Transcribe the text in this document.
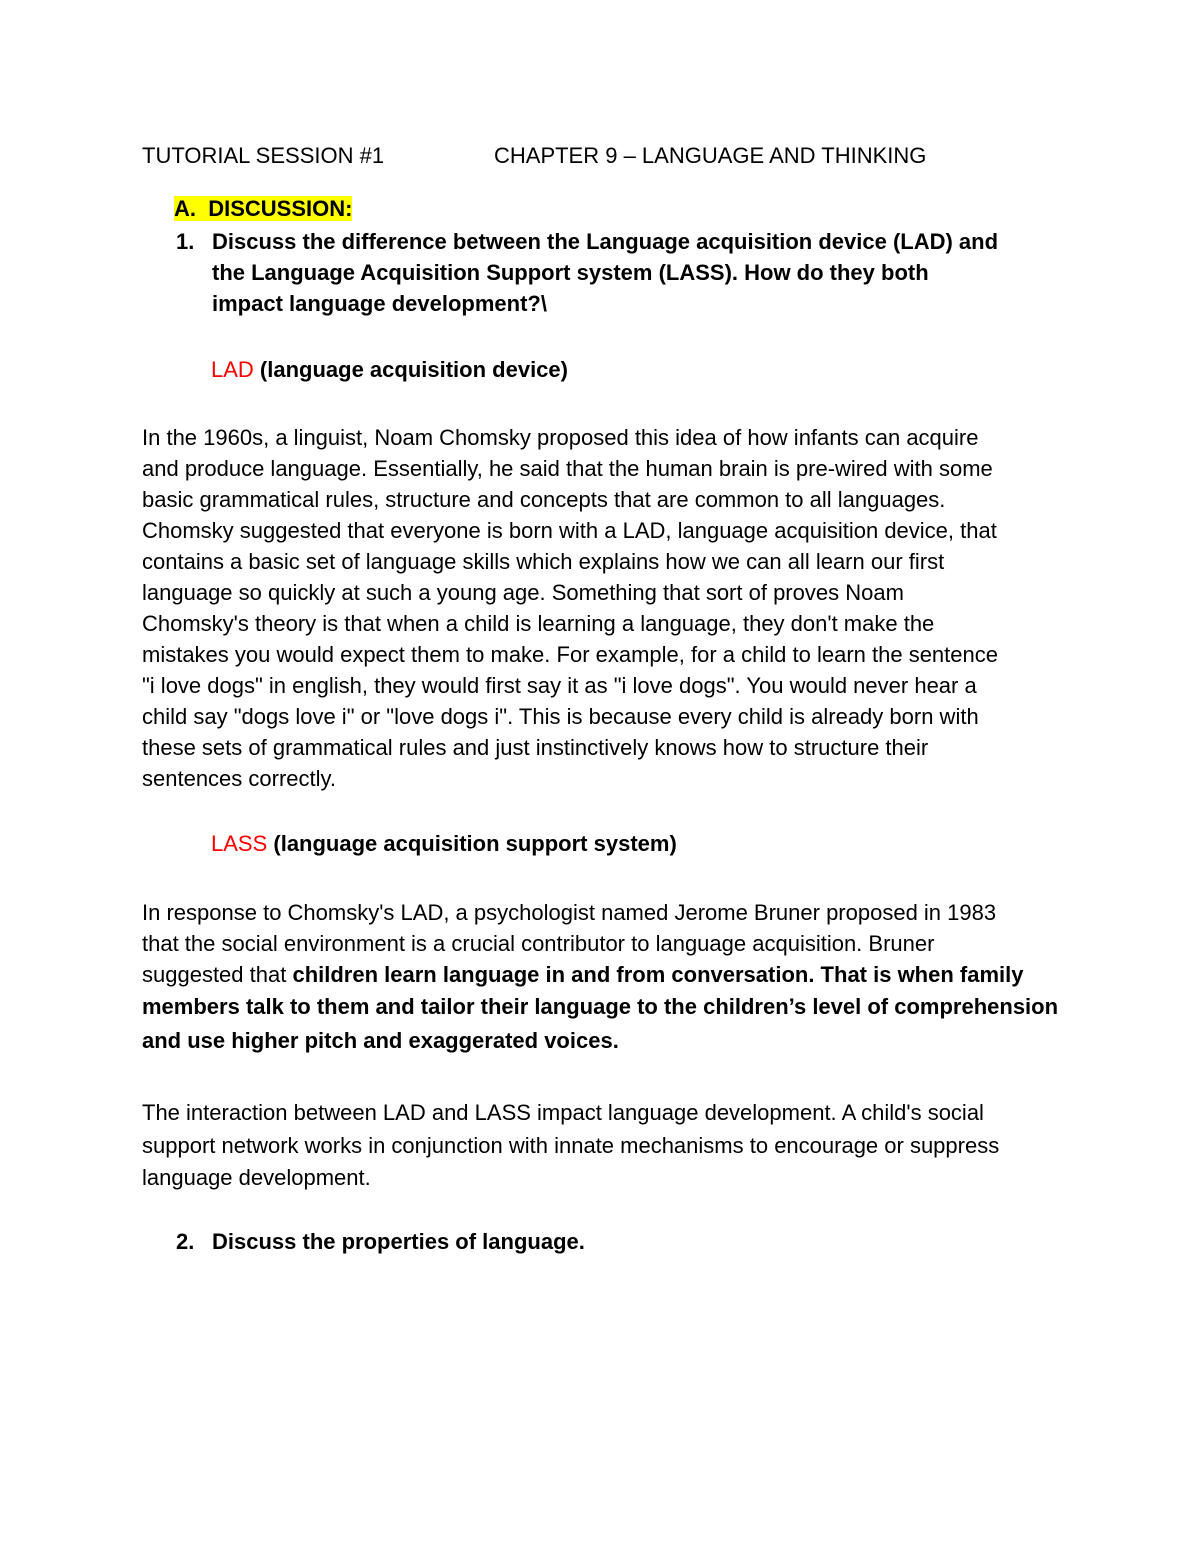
TUTORIAL SESSION #1	CHAPTER 9 – LANGUAGE AND THINKING
A. DISCUSSION:
1. Discuss the difference between the Language acquisition device (LAD) and
the Language Acquisition Support system (LASS). How do they both
impact language development?\
LAD (language acquisition device)
In the 1960s, a linguist, Noam Chomsky proposed this idea of how infants can acquire
and produce language. Essentially, he said that the human brain is pre-wired with some
basic grammatical rules, structure and concepts that are common to all languages.
Chomsky suggested that everyone is born with a LAD, language acquisition device, that
contains a basic set of language skills which explains how we can all learn our first
language so quickly at such a young age. Something that sort of proves Noam
Chomsky's theory is that when a child is learning a language, they don't make the
mistakes you would expect them to make. For example, for a child to learn the sentence
"i love dogs" in english, they would first say it as "i love dogs". You would never hear a
child say "dogs love i" or "love dogs i". This is because every child is already born with
these sets of grammatical rules and just instinctively knows how to structure their
sentences correctly.
LASS (language acquisition support system)
In response to Chomsky's LAD, a psychologist named Jerome Bruner proposed in 1983
that the social environment is a crucial contributor to language acquisition. Bruner
suggested that children learn language in and from conversation. That is when family
members talk to them and tailor their language to the children’s level of comprehension
and use higher pitch and exaggerated voices.
The interaction between LAD and LASS impact language development. A child's social
support network works in conjunction with innate mechanisms to encourage or suppress
language development.
2. Discuss the properties of language.
